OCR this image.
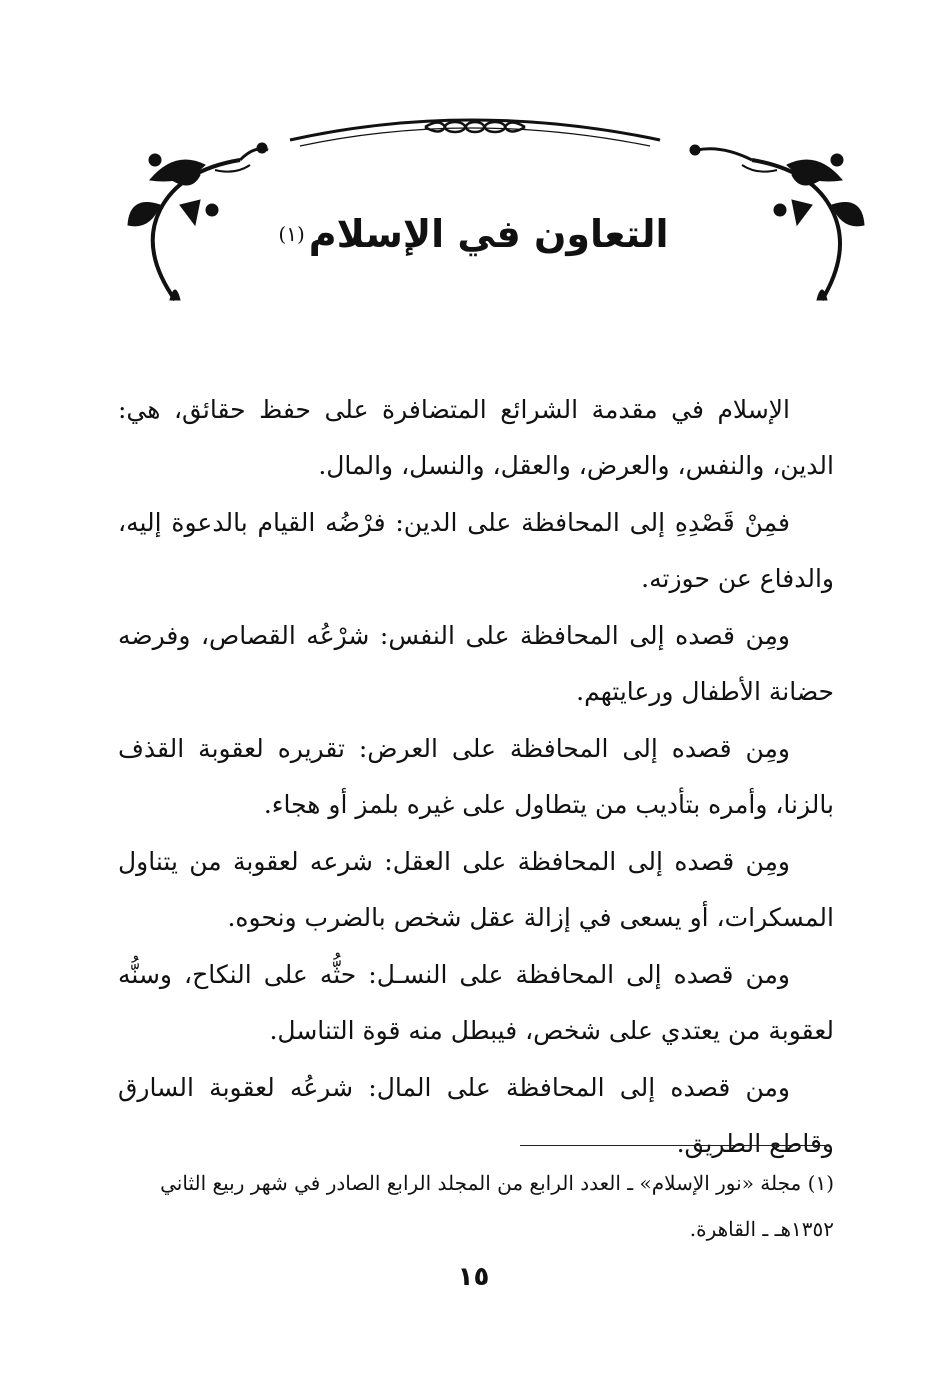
التعاون في الإسلام(١)

الإسلام في مقدمة الشرائع المتضافرة على حفظ حقائق، هي: الدين، والنفس، والعرض، والعقل، والنسل، والمال.

فمِنْ قَصْدِهِ إلى المحافظة على الدين: فرْضُه القيام بالدعوة إليه، والدفاع عن حوزته.

ومِن قصده إلى المحافظة على النفس: شرْعُه القصاص، وفرضه حضانة الأطفال ورعايتهم.

ومِن قصده إلى المحافظة على العرض: تقريره لعقوبة القذف بالزنا، وأمره بتأديب من يتطاول على غيره بلمز أو هجاء.

ومِن قصده إلى المحافظة على العقل: شرعه لعقوبة من يتناول المسكرات، أو يسعى في إزالة عقل شخص بالضرب ونحوه.

ومن قصده إلى المحافظة على النسـل: حثُّه على النكاح، وسنُّه لعقوبة من يعتدي على شخص، فيبطل منه قوة التناسل.

ومن قصده إلى المحافظة على المال: شرعُه لعقوبة السارق وقاطع الطريق.

(١) مجلة «نور الإسلام» ـ العدد الرابع من المجلد الرابع الصادر في شهر ربيع الثاني ١٣٥٢هـ ـ القاهرة.
١٥
